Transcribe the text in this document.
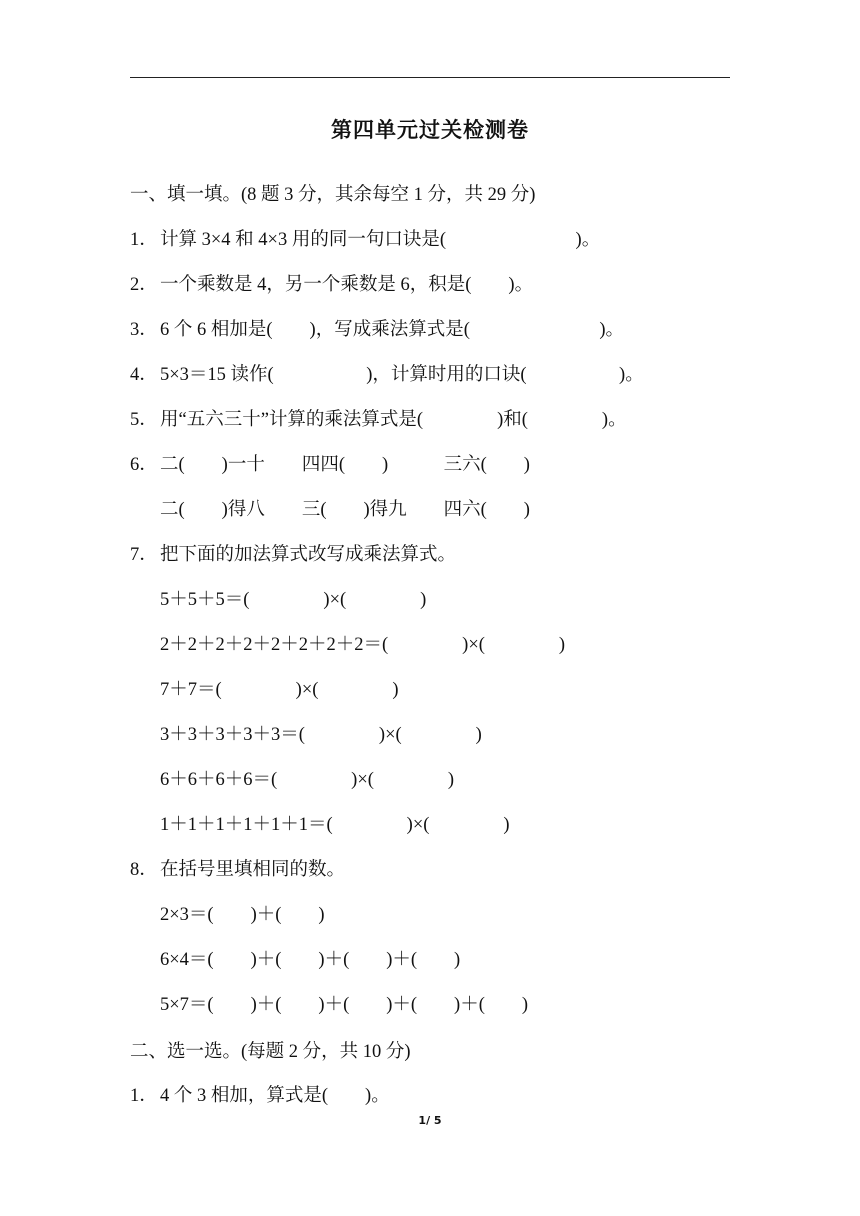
第四单元过关检测卷
一、填一填。(8 题 3 分，其余每空 1 分，共 29 分)
1． 计算 3×4 和 4×3 用的同一句口诀是(　　　　　　　)。
2． 一个乘数是 4，另一个乘数是 6，积是(　　)。
3． 6 个 6 相加是(　　)，写成乘法算式是(　　　　　　　)。
4． 5×3＝15 读作(　　　　　)，计算时用的口诀(　　　　　)。
5． 用“五六三十”计算的乘法算式是(　　　　)和(　　　　)。
6． 二(　　)一十　　四四(　　)　　　三六(　　)
二(　　)得八　　三(　　)得九　　四六(　　)
7． 把下面的加法算式改写成乘法算式。
5＋5＋5＝(　　　　)×(　　　　)
2＋2＋2＋2＋2＋2＋2＋2＝(　　　　)×(　　　　)
7＋7＝(　　　　)×(　　　　)
3＋3＋3＋3＋3＝(　　　　)×(　　　　)
6＋6＋6＋6＝(　　　　)×(　　　　)
1＋1＋1＋1＋1＋1＝(　　　　)×(　　　　)
8． 在括号里填相同的数。
2×3＝(　　)＋(　　)
6×4＝(　　)＋(　　)＋(　　)＋(　　)
5×7＝(　　)＋(　　)＋(　　)＋(　　)＋(　　)
二、选一选。(每题 2 分，共 10 分)
1． 4 个 3 相加，算式是(　　)。
1/ 5
